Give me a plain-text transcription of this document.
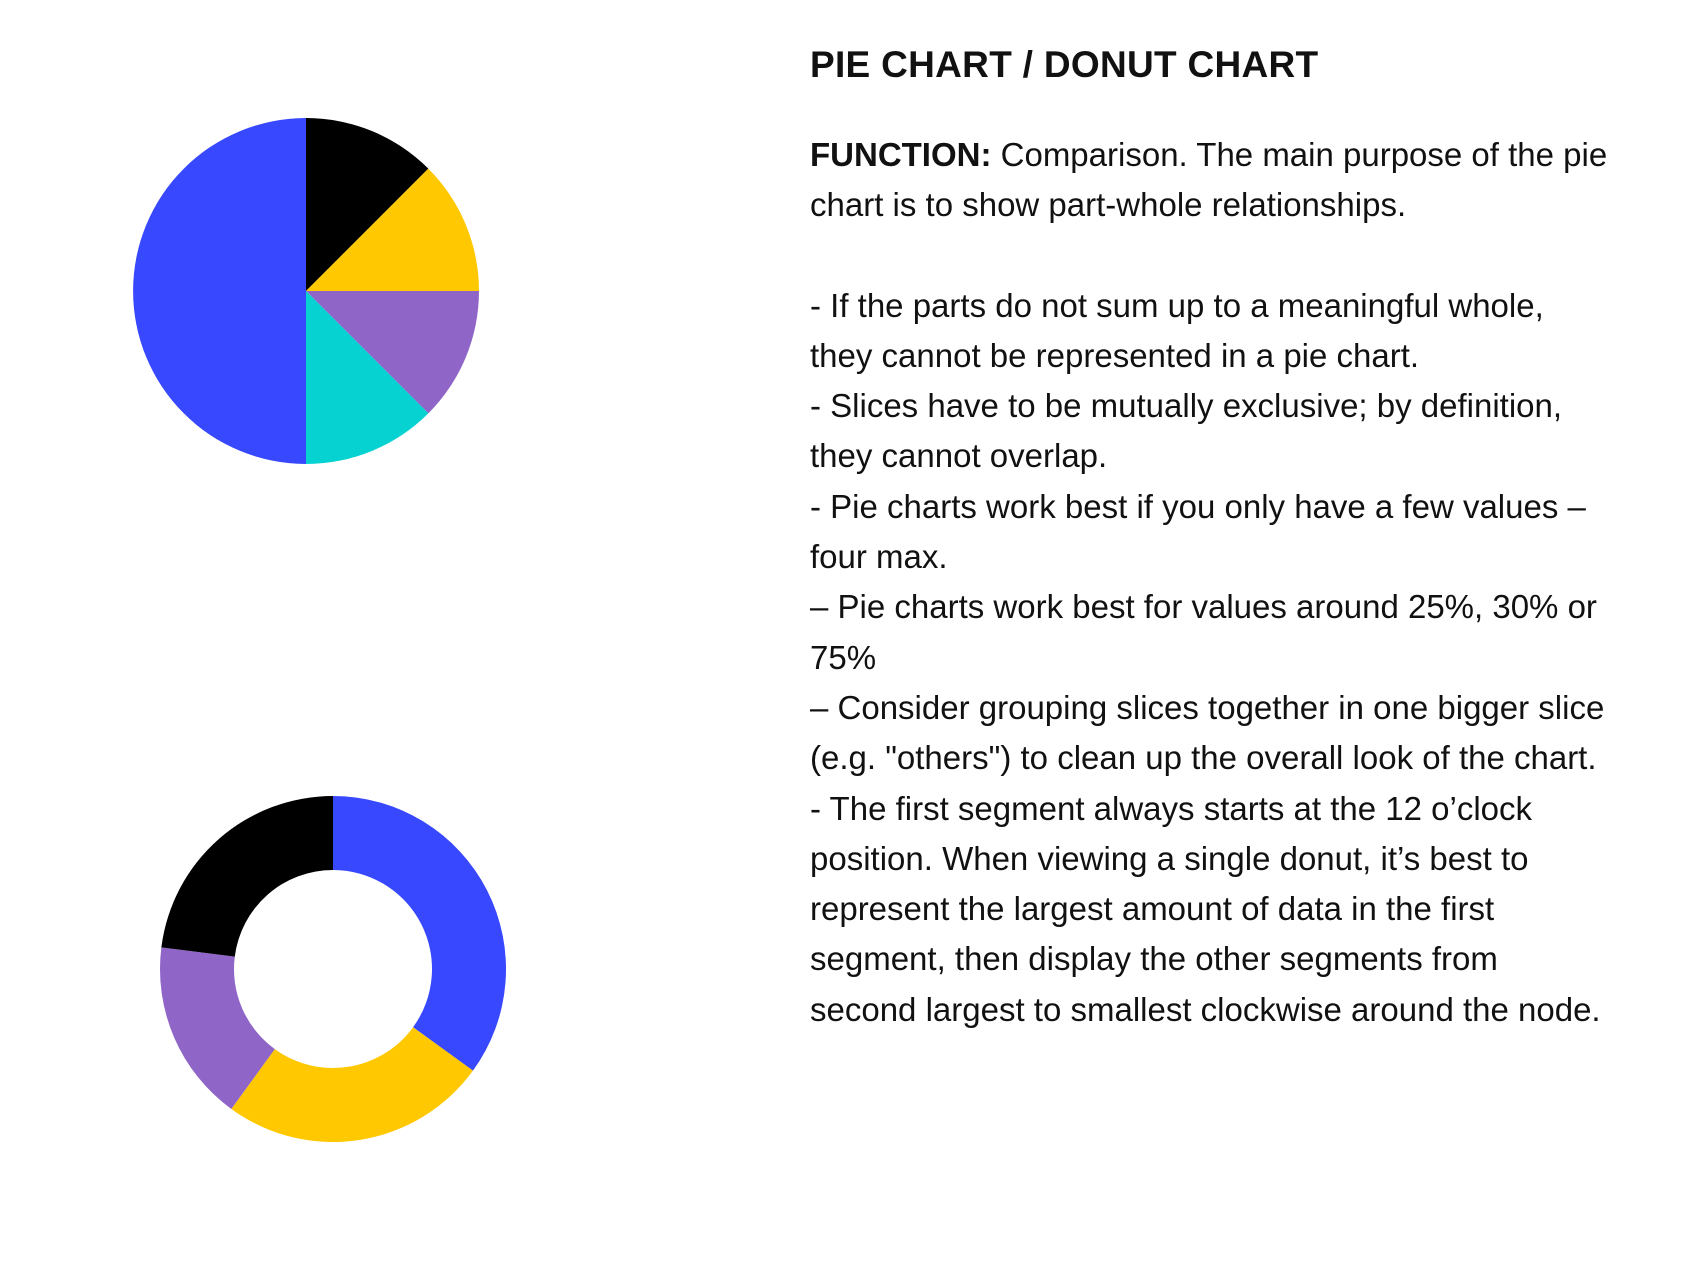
PIE CHART / DONUT CHART

FUNCTION: Comparison. The main purpose of the pie chart is to show part-whole relationships.

- If the parts do not sum up to a meaningful whole, they cannot be represented in a pie chart.

- Slices have to be mutually exclusive; by definition, they cannot overlap.

- Pie charts work best if you only have a few values – four max.

– Pie charts work best for values around 25%, 30% or 75%

– Consider grouping slices together in one bigger slice (e.g. "others") to clean up the overall look of the chart.

- The first segment always starts at the 12 o’clock position. When viewing a single donut, it’s best to represent the largest amount of data in the first segment, then display the other segments from second largest to smallest clockwise around the node.
